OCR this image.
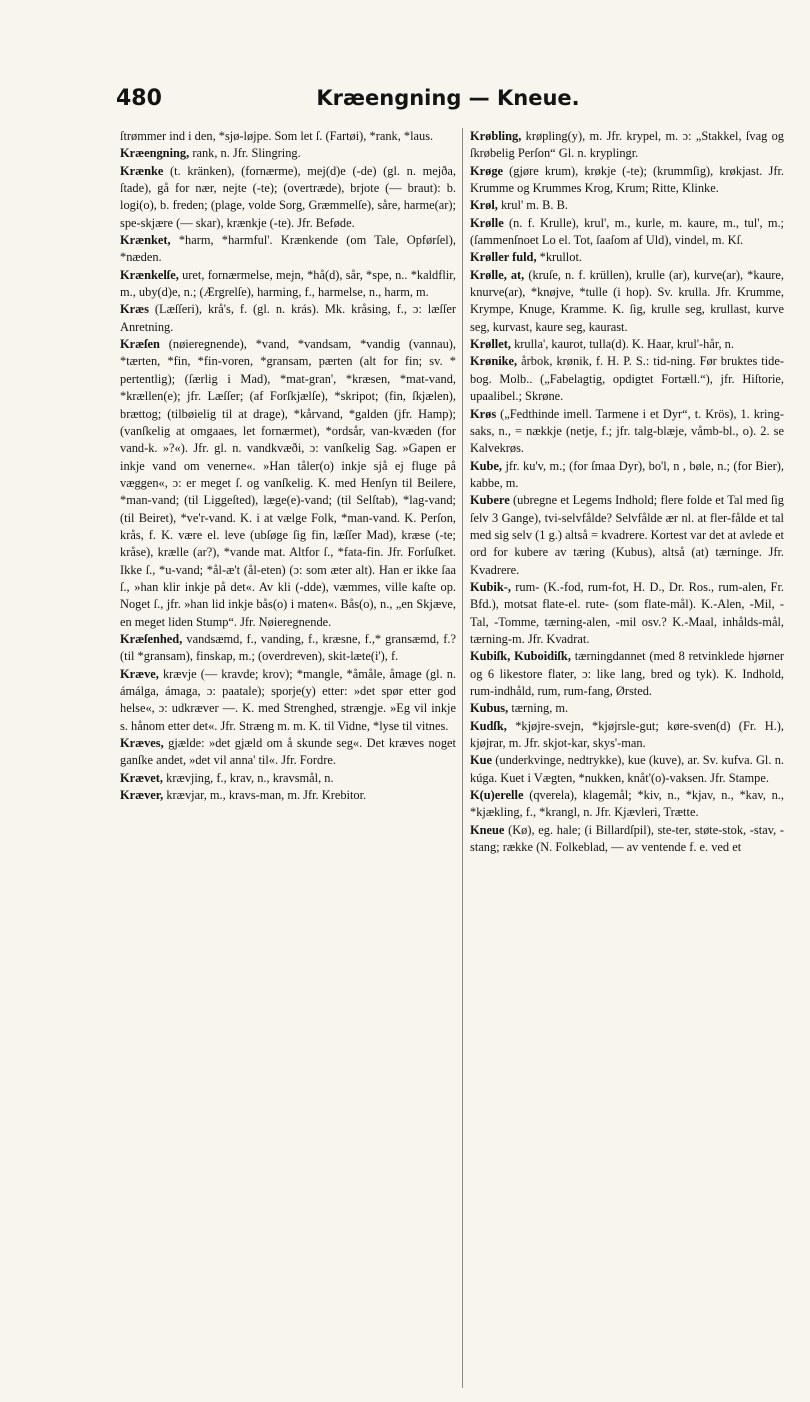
480	Kræengning — Kneue.

ſtrømmer ind i den, *sjø-løjpe. Som let ſ. (Fartøi), *rank, *laus.

Kræengning, rank, n. Jfr. Slingring.

Krænke (t. kränken), (fornærme), mej(d)e (-de) (gl. n. mejða, ſtade), gå for nær, nejte (-te); (overtræde), brjote (— braut): b. logi(o), b. freden; (plage, volde Sorg, Græmmelſe), såre, harme(ar); spe-skjære (— skar), krænkje (-te). Jfr. Beføde.

Krænket, *harm, *harmful'. Krænkende (om Tale, Opførſel), *næden.

Krænkelſe, uret, fornærmelse, mejn, *hå(d), sår, *spe, n.. *kaldflir, m., uby(d)e, n.; (Ærgrelſe), harming, f., harmelse, n., harm, m.

Kræs (Læſſeri), krå's, f. (gl. n. krás). Mk. kråsing, f., ɔ: læſſer Anretning.

Kræſen (nøieregnende), *vand, *vandsam, *vandig (vannau), *tærten, *fin, *fin-voren, *gransam, pærten (alt for fin; sv. * pertentlig); (ſærlig i Mad), *mat-gran', *kræsen, *mat-vand, *krællen(e); jfr. Læſſer; (af Forſkjælſe), *skripot; (fin, ſkjælen), brættog; (tilbøielig til at drage), *kårvand, *galden (jfr. Hamp); (vanſkelig at omgaaes, let fornærmet), *ordsår, van-kvæden (for vand-k. »?«). Jfr. gl. n. vandkvæði, ɔ: vanſkelig Sag. »Gapen er inkje vand om venerne«. »Han tåler(o) inkje sjå ej fluge på væggen«, ɔ: er meget ſ. og vanſkelig. K. med Henſyn til Beilere, *man-vand; (til Liggeſted), læge(e)-vand; (til Selſtab), *lag-vand; (til Beiret), *ve'r-vand. K. i at vælge Folk, *man-vand. K. Perſon, krås, f. K. være el. leve (ubſøge ſig fin, læſſer Mad), kræse (-te; kråse), krælle (ar?), *vande mat. Altfor ſ., *fata-fin. Jfr. Forſuſket. Ikke ſ., *u-vand; *ål-æ't (ål-eten) (ɔ: som æter alt). Han er ikke ſaa ſ., »han klir inkje på det«. Av kli (-dde), væmmes, ville kaſte op. Noget ſ., jfr. »han lid inkje bås(o) i maten«. Bås(o), n., „en Skjæve, en meget liden Stump“. Jfr. Nøieregnende.

Kræſenhed, vandsæmd, f., vanding, f., kræsne, f.,* gransæmd, f.? (til *gransam), finskap, m.; (overdreven), skit-læte(i'), f.

Kræve, krævje (— kravde; krov); *mangle, *åmåle, åmage (gl. n. ámálga, ámaga, ɔ: paatale); sporje(y) etter: »det spør etter god helse«, ɔ: udkræver —. K. med Strenghed, strængje. »Eg vil inkje s. hånom etter det«. Jfr. Stræng m. m. K. til Vidne, *lyse til vitnes.

Kræves, gjælde: »det gjæld om å skunde seg«. Det kræves noget ganſke andet, »det vil anna' til«. Jfr. Fordre.

Krævet, krævjing, f., krav, n., kravsmål, n.

Kræver, krævjar, m., kravs-man, m. Jfr. Krebitor.

Krøbling, krøpling(y), m. Jfr. krypel, m. ɔ: „Stakkel, ſvag og ſkrøbelig Perſon“ Gl. n. kryplingr.

Krøge (gjøre krum), krøkje (-te); (krummſig), krøkjast. Jfr. Krumme og Krummes Krog, Krum; Ritte, Klinke.

Krøl, krul' m. B. B.

Krølle (n. f. Krulle), krul', m., kurle, m. kaure, m., tul', m.; (ſammenſnoet Lo el. Tot, ſaaſom af Uld), vindel, m. Kſ.

Krøller fuld, *krullot.

Krølle, at, (kruſe, n. f. krüllen), krulle (ar), kurve(ar), *kaure, knurve(ar), *knøjve, *tulle (i hop). Sv. krulla. Jfr. Krumme, Krympe, Knuge, Kramme. K. ſig, krulle seg, krullast, kurve seg, kurvast, kaure seg, kaurast.

Krøllet, krulla', kaurot, tulla(d). K. Haar, krul'-hår, n.

Krønike, årbok, krønik, f. H. P. S.: tid-ning. Før bruktes tide-bog. Molb.. („Fabelagtig, opdigtet Fortæll.“), jfr. Hiſtorie, upaalibel.; Skrøne.

Krøs („Fedthinde imell. Tarmene i et Dyr“, t. Krös), 1. kring-saks, n., = nækkje (netje, f.; jfr. talg-blæje, våmb-bl., o). 2. se Kalvekrøs.

Kube, jfr. ku'v, m.; (for ſmaa Dyr), bo'l, n , bøle, n.; (for Bier), kabbe, m.

Kubere (ubregne et Legems Indhold; flere folde et Tal med ſig ſelv 3 Gange), tvi-selvfålde? Selvfålde ær nl. at fler-fålde et tal med sig selv (1 g.) altså = kvadrere. Kortest var det at avlede et ord for kubere av tæring (Kubus), altså (at) tærninge. Jfr. Kvadrere.

Kubik-, rum- (K.-fod, rum-fot, H. D., Dr. Ros., rum-alen, Fr. Bfd.), motsat flate-el. rute- (som flate-mål). K.-Alen, -Mil, -Tal, -Tomme, tærning-alen, -mil osv.? K.-Maal, inhålds-mål, tærning-m. Jfr. Kvadrat.

Kubiſk, Kuboidiſk, tærningdannet (med 8 retvinklede hjørner og 6 likestore flater, ɔ: like lang, bred og tyk). K. Indhold, rum-indhåld, rum, rum-fang, Ørsted.

Kubus, tærning, m.

Kudſk, *kjøjre-svejn, *kjøjrsle-gut; køre-sven(d) (Fr. H.), kjøjrar, m. Jfr. skjot-kar, skys'-man.

Kue (underkvinge, nedtrykke), kue (kuve), ar. Sv. kufva. Gl. n. kúga. Kuet i Vægten, *nukken, knåt'(o)-vaksen. Jfr. Stampe.

K(u)erelle (qverela), klagemål; *kiv, n., *kjav, n., *kav, n., *kjækling, f., *krangl, n. Jfr. Kjævleri, Trætte.

Kneue (Kø), eg. hale; (i Billardſpil), ste-ter, støte-stok, -stav, -stang; række (N. Folkeblad, — av ventende f. e. ved et
